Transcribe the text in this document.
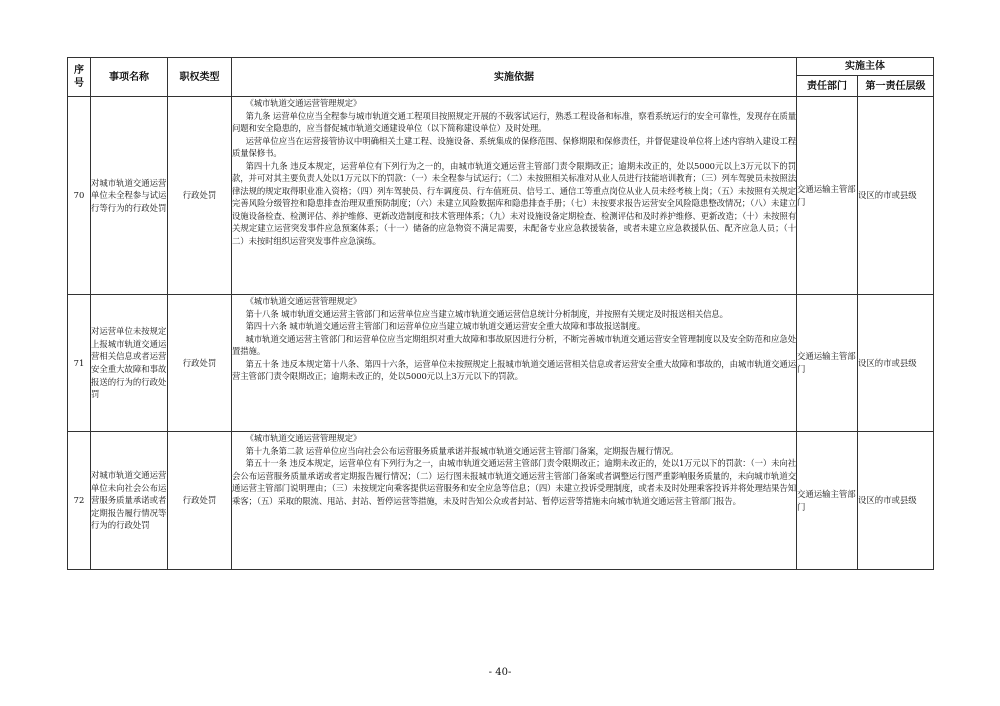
序号	事项名称	职权类型	实施依据	实施主体	
				责任部门	第一责任层级
70	对城市轨道交通运营单位未全程参与试运行等行为的行政处罚	行政处罚	《城市轨道交通运营管理规定》
第九条 运营单位应当全程参与城市轨道交通工程项目按照规定开展的不载客试运行，熟悉工程设备和标准，察看系统运行的安全可靠性，发现存在质量问题和安全隐患的，应当督促城市轨道交通建设单位（以下简称建设单位）及时处理。
运营单位应当在运营接管协议中明确相关土建工程、设施设备、系统集成的保修范围、保修期限和保修责任，并督促建设单位将上述内容纳入建设工程质量保修书。
第四十九条 违反本规定，运营单位有下列行为之一的，由城市轨道交通运营主管部门责令限期改正；逾期未改正的，处以5000元以上3万元以下的罚款，并可对其主要负责人处以1万元以下的罚款：（一）未全程参与试运行；（二）未按照相关标准对从业人员进行技能培训教育；（三）列车驾驶员未按照法律法规的规定取得职业准入资格；（四）列车驾驶员、行车调度员、行车值班员、信号工、通信工等重点岗位从业人员未经考核上岗；（五）未按照有关规定完善风险分级管控和隐患排查治理双重预防制度；（六）未建立风险数据库和隐患排查手册；（七）未按要求报告运营安全风险隐患整改情况；（八）未建立设施设备检查、检测评估、养护维修、更新改造制度和技术管理体系；（九）未对设施设备定期检查、检测评估和及时养护维修、更新改造；（十）未按照有关规定建立运营突发事件应急预案体系；（十一）储备的应急物资不满足需要，未配备专业应急救援装备，或者未建立应急救援队伍、配齐应急人员；（十二）未按时组织运营突发事件应急演练。	交通运输主管部门	设区的市或县级
71	对运营单位未按规定上报城市轨道交通运营相关信息或者运营安全重大故障和事故报送的行为的行政处罚	行政处罚	《城市轨道交通运营管理规定》
第十八条 城市轨道交通运营主管部门和运营单位应当建立城市轨道交通运营信息统计分析制度，并按照有关规定及时报送相关信息。
第四十六条 城市轨道交通运营主管部门和运营单位应当建立城市轨道交通运营安全重大故障和事故报送制度。
城市轨道交通运营主管部门和运营单位应当定期组织对重大故障和事故原因进行分析，不断完善城市轨道交通运营安全管理制度以及安全防范和应急处置措施。
第五十条 违反本规定第十八条、第四十六条，运营单位未按照规定上报城市轨道交通运营相关信息或者运营安全重大故障和事故的，由城市轨道交通运营主管部门责令限期改正；逾期未改正的，处以5000元以上3万元以下的罚款。	交通运输主管部门	设区的市或县级
72	对城市轨道交通运营单位未向社会公布运营服务质量承诺或者定期报告履行情况等行为的行政处罚	行政处罚	《城市轨道交通运营管理规定》
第十九条第二款 运营单位应当向社会公布运营服务质量承诺并报城市轨道交通运营主管部门备案，定期报告履行情况。
第五十一条 违反本规定，运营单位有下列行为之一，由城市轨道交通运营主管部门责令限期改正；逾期未改正的，处以1万元以下的罚款：（一）未向社会公布运营服务质量承诺或者定期报告履行情况；（二）运行图未报城市轨道交通运营主管部门备案或者调整运行图严重影响服务质量的，未向城市轨道交通运营主管部门说明理由；（三）未按规定向乘客提供运营服务和安全应急等信息；（四）未建立投诉受理制度，或者未及时处理乘客投诉并将处理结果告知乘客；（五）采取的限流、甩站、封站、暂停运营等措施，未及时告知公众或者封站、暂停运营等措施未向城市轨道交通运营主管部门报告。	交通运输主管部门	设区的市或县级
- 40-
